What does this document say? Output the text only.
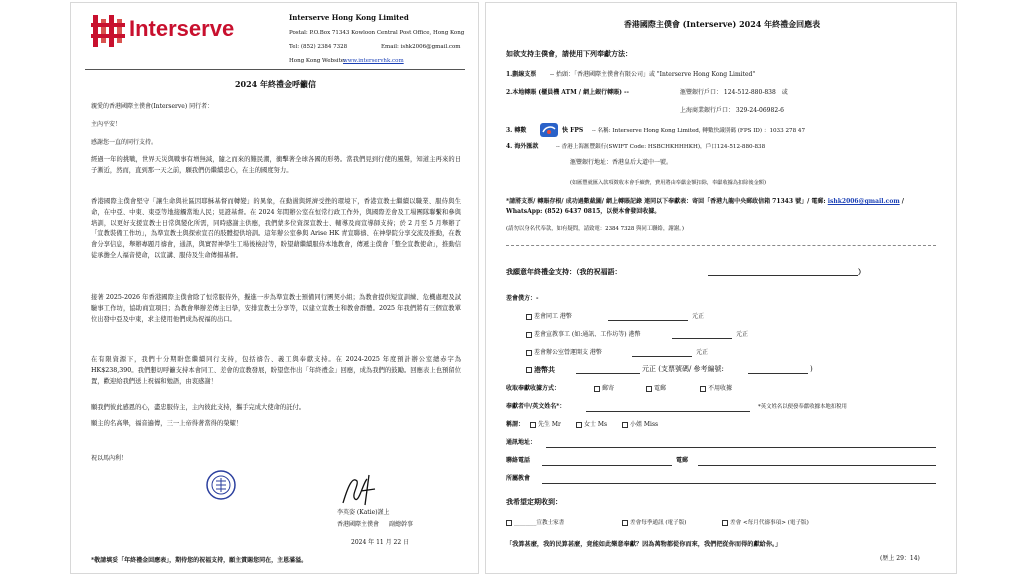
Interserve	Interserve Hong Kong Limited
Postal: P.O.Box 71343 Kowloon Central Post Office, Hong Kong
Tel: (852) 2384 7328	Email: ishk2006@gmail.com
Hong Kong Website:
www.interservhk.com
2024 年終禮金呼籲信
親愛的香港國際主僕會(Interserve) 同行者：
主內平安！
感謝您一直的同行支持。
經過一年的挑戰，世界天災與戰事有增無減，隨之而來的難民潮，衝擊著全球各國的形勢。當我們見到行使的風聲，知道主再來的日子漸近，然而，直到那一天之前，願我們仍繼續忠心，在主的國度努力。
香港國際主僕會堅守「讓生命與社區因耶穌基督而轉變」的異象，在動盪與經濟受挫的環境下，香港宣教士繼續以職業、服侍與生命，在中亞、中東、東亞等地接觸當地人民；見證基督。在 2024 年間辦公室在恒常行政工作外，與國際差會及工場團隊聯繫和參與培訓，以更好支援宣教士日常與變化所需，同時感謝主供應，我們蒙多位資深宣教士、輔導及商宣導師支持；於 2 月至 5 月舉辦了「宣教裝備工作坊」，為準宣教士與探索宣召的肢體提供培訓。這年辦公室參與 Arise HK 青宣聯禱、在神學院分享交流及推動，在教會分享信息，舉辦專題月禱會，通訊，與實習神學生工場後檢討等，盼望藉繼續服侍本地教會，傳遞主僕會「整全宣教使命」，推動信徒承擔全人福音使命，以宣講、服侍及生命傳揚基督。
接著 2025-2026 年香港國際主僕會除了恒常服侍外，擬進一步為準宣教士預備同行團契小組；為教會提供短宣訓練、危機處理及試驗事工作坊，協助商宣項目；為教會舉辦差傳主日學，安排宣教士分享等，以建立宣教士和教會群體。2025 年我們將有三個宣教單位出發中亞及中東，求主使用他們成為祝福的出口。
在有限資源下，我們十分期盼您繼續同行支持，包括禱告、義工與奉獻支持。在 2024-2025 年度預計辦公室總赤字為 HK$238,390。我們懇切呼籲支持本會同工、差會的宣教發展，盼望您作出「年終禮金」回應，成為我們的鼓勵。回應表上也預留位置，歡迎給我們送上祝福和勉語，由衷感謝！
願我們彼此感恩的心，盡忠服侍主，主內彼此支持，攜手完成大使命的託付。
願主的名高舉，福音遍傳，三一上帝得著當得的榮耀！
祝以馬內利！
李英姿 (Katie)謹上
香港國際主僕會 副總幹事
2024 年 11 月 22 日
*敬請填妥「年終禮金回應表」，期待您的祝福支持，願主賞賜您同在，主恩滿溢。
香港國際主僕會 (Interserve) 2024 年終禮金回應表
如欲支持主僕會，請使用下列奉獻方法：
1.劃線支票 -- 抬頭：「香港國際主僕會有限公司」或 "Interserve Hong Kong Limited"
2.本地轉賬 (櫃員機 ATM / 網上銀行轉賬) --	滙豐銀行戶口： 124-512-880-838　或
上海商業銀行戶口： 329-24-06982-6
3. 轉數	快 FPS -- 名稱: Interserve Hong Kong Limited, 轉數快識別碼 (FPS ID) ：1033 278 47
4. 海外匯款	-- 香港上海滙豐銀行(SWIFT Code: HSBCHKHHHKH)，戶口124-512-880-838
滙豐銀行地址：香港皇后大道中一號。
(如匯豐就匯入款項徵收本會手續費，費用將由奉獻金額扣除，奉獻收據為扣除後金額)
*請將支票/ 轉賬存根/ 成功過數截圖/ 網上轉賬記錄 連同以下奉獻表：寄回「香港九龍中央郵政信箱 71343 號」/ 電郵: ishk2006@gmail.com / WhatsApp: (852) 6437 0815，以便本會發回收據。
(請勿以身名代奉款，如有疑問，請致電：2384 7328 與同工聯絡，謝謝。)
我願意年終禮金支持：（我的祝福語：	）
差會僕方：-
差會同工 港幣	元正
差會宣教事工 (如:通訊、工作坊等) 港幣	元正
差會辦公室營運開支 港幣	元正
港幣共	元正 (支票號碼/ 參考編號:	)
收取奉獻收據方式：	郵寄	電郵	不用收據
奉獻者中/英文姓名*：	*英文姓名以便發奉獻收據本地扣稅用
稱謂：	先生 Mr	女士 Ms	小姐 Miss
通訊地址：
聯絡電話	電郵
所屬教會
我希望定期收到：
________宣教士家書	差會每季通訊 (電子版)	差會 <每月代禱事項> (電子版)
「我算甚麼，我的民算甚麼，竟能如此樂意奉獻？因為萬物都從你而來，我們把從你而得的獻給你。」
(歷上 29：14)
